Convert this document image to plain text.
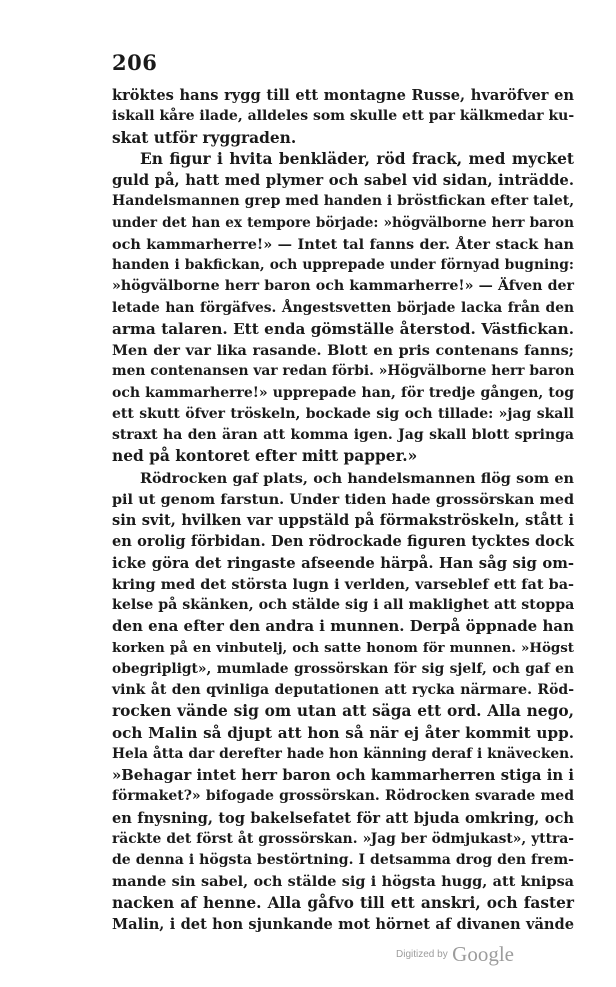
206
kröktes hans rygg till ett montagne Russe, hvaröfver en
iskall kåre ilade, alldeles som skulle ett par kälkmedar ku-
skat utför ryggraden.
En figur i hvita benkläder, röd frack, med mycket
guld på, hatt med plymer och sabel vid sidan, inträdde.
Handelsmannen grep med handen i bröstfickan efter talet,
under det han ex tempore började: »högvälborne herr baron
och kammarherre!» — Intet tal fanns der. Åter stack han
handen i bakfickan, och upprepade under förnyad bugning:
»högvälborne herr baron och kammarherre!» — Äfven der
letade han förgäfves. Ångestsvetten började lacka från den
arma talaren. Ett enda gömställe återstod. Västfickan.
Men der var lika rasande. Blott en pris contenans fanns;
men contenansen var redan förbi. »Högvälborne herr baron
och kammarherre!» upprepade han, för tredje gången, tog
ett skutt öfver tröskeln, bockade sig och tillade: »jag skall
straxt ha den äran att komma igen. Jag skall blott springa
ned på kontoret efter mitt papper.»
Rödrocken gaf plats, och handelsmannen flög som en
pil ut genom farstun. Under tiden hade grossörskan med
sin svit, hvilken var uppstäld på förmakströskeln, stått i
en orolig förbidan. Den rödrockade figuren tycktes dock
icke göra det ringaste afseende härpå. Han såg sig om-
kring med det största lugn i verlden, varseblef ett fat ba-
kelse på skänken, och stälde sig i all maklighet att stoppa
den ena efter den andra i munnen. Derpå öppnade han
korken på en vinbutelj, och satte honom för munnen. »Högst
obegripligt», mumlade grossörskan för sig sjelf, och gaf en
vink åt den qvinliga deputationen att rycka närmare. Röd-
rocken vände sig om utan att säga ett ord. Alla nego,
och Malin så djupt att hon så när ej åter kommit upp.
Hela åtta dar derefter hade hon känning deraf i knävecken.
»Behagar intet herr baron och kammarherren stiga in i
förmaket?» bifogade grossörskan. Rödrocken svarade med
en fnysning, tog bakelsefatet för att bjuda omkring, och
räckte det först åt grossörskan. »Jag ber ödmjukast», yttra-
de denna i högsta bestörtning. I detsamma drog den frem-
mande sin sabel, och stälde sig i högsta hugg, att knipsa
nacken af henne. Alla gåfvo till ett anskri, och faster
Malin, i det hon sjunkande mot hörnet af divanen vände
Digitized by Google
